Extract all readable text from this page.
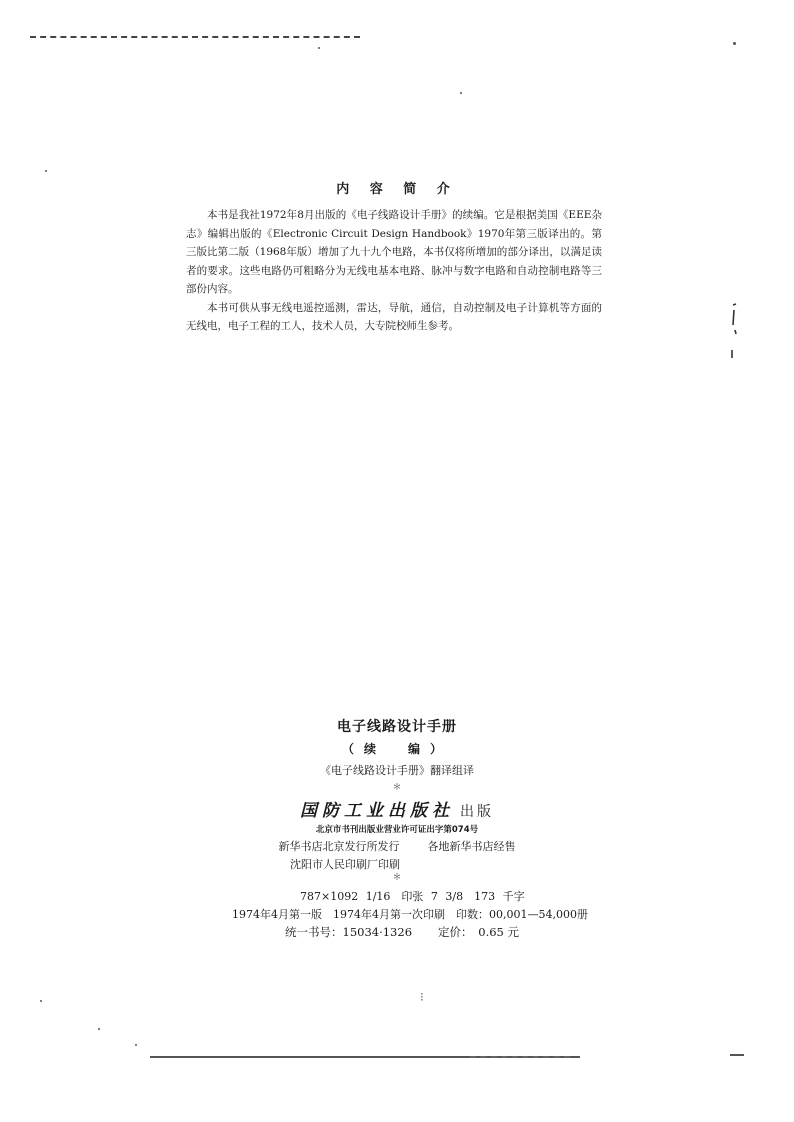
内 容 简 介

本书是我社1972年8月出版的《电子线路设计手册》的续编。它是根据美国《EEE杂志》编辑出版的《Electronic Circuit Design Handbook》1970年第三版译出的。第三版比第二版（1968年版）增加了九十九个电路，本书仅将所增加的部分译出，以满足读者的要求。这些电路仍可粗略分为无线电基本电路、脉冲与数字电路和自动控制电路等三部份内容。

本书可供从事无线电遥控遥测，雷达，导航，通信，自动控制及电子计算机等方面的无线电，电子工程的工人，技术人员，大专院校师生参考。

电子线路设计手册
（续　编）
《电子线路设计手册》翻译组译
＊
国防工业出版社 出版
北京市书刊出版业营业许可证出字第074号
新华书店北京发行所发行	各地新华书店经售
沈阳市人民印刷厂印刷
＊
787×1092 1/16　印张 7 3/8　173 千字
1974年4月第一版　1974年4月第一次印刷　印数：00,001—54,000册
统一书号：15034·1326 定价：　0.65 元
⁝
